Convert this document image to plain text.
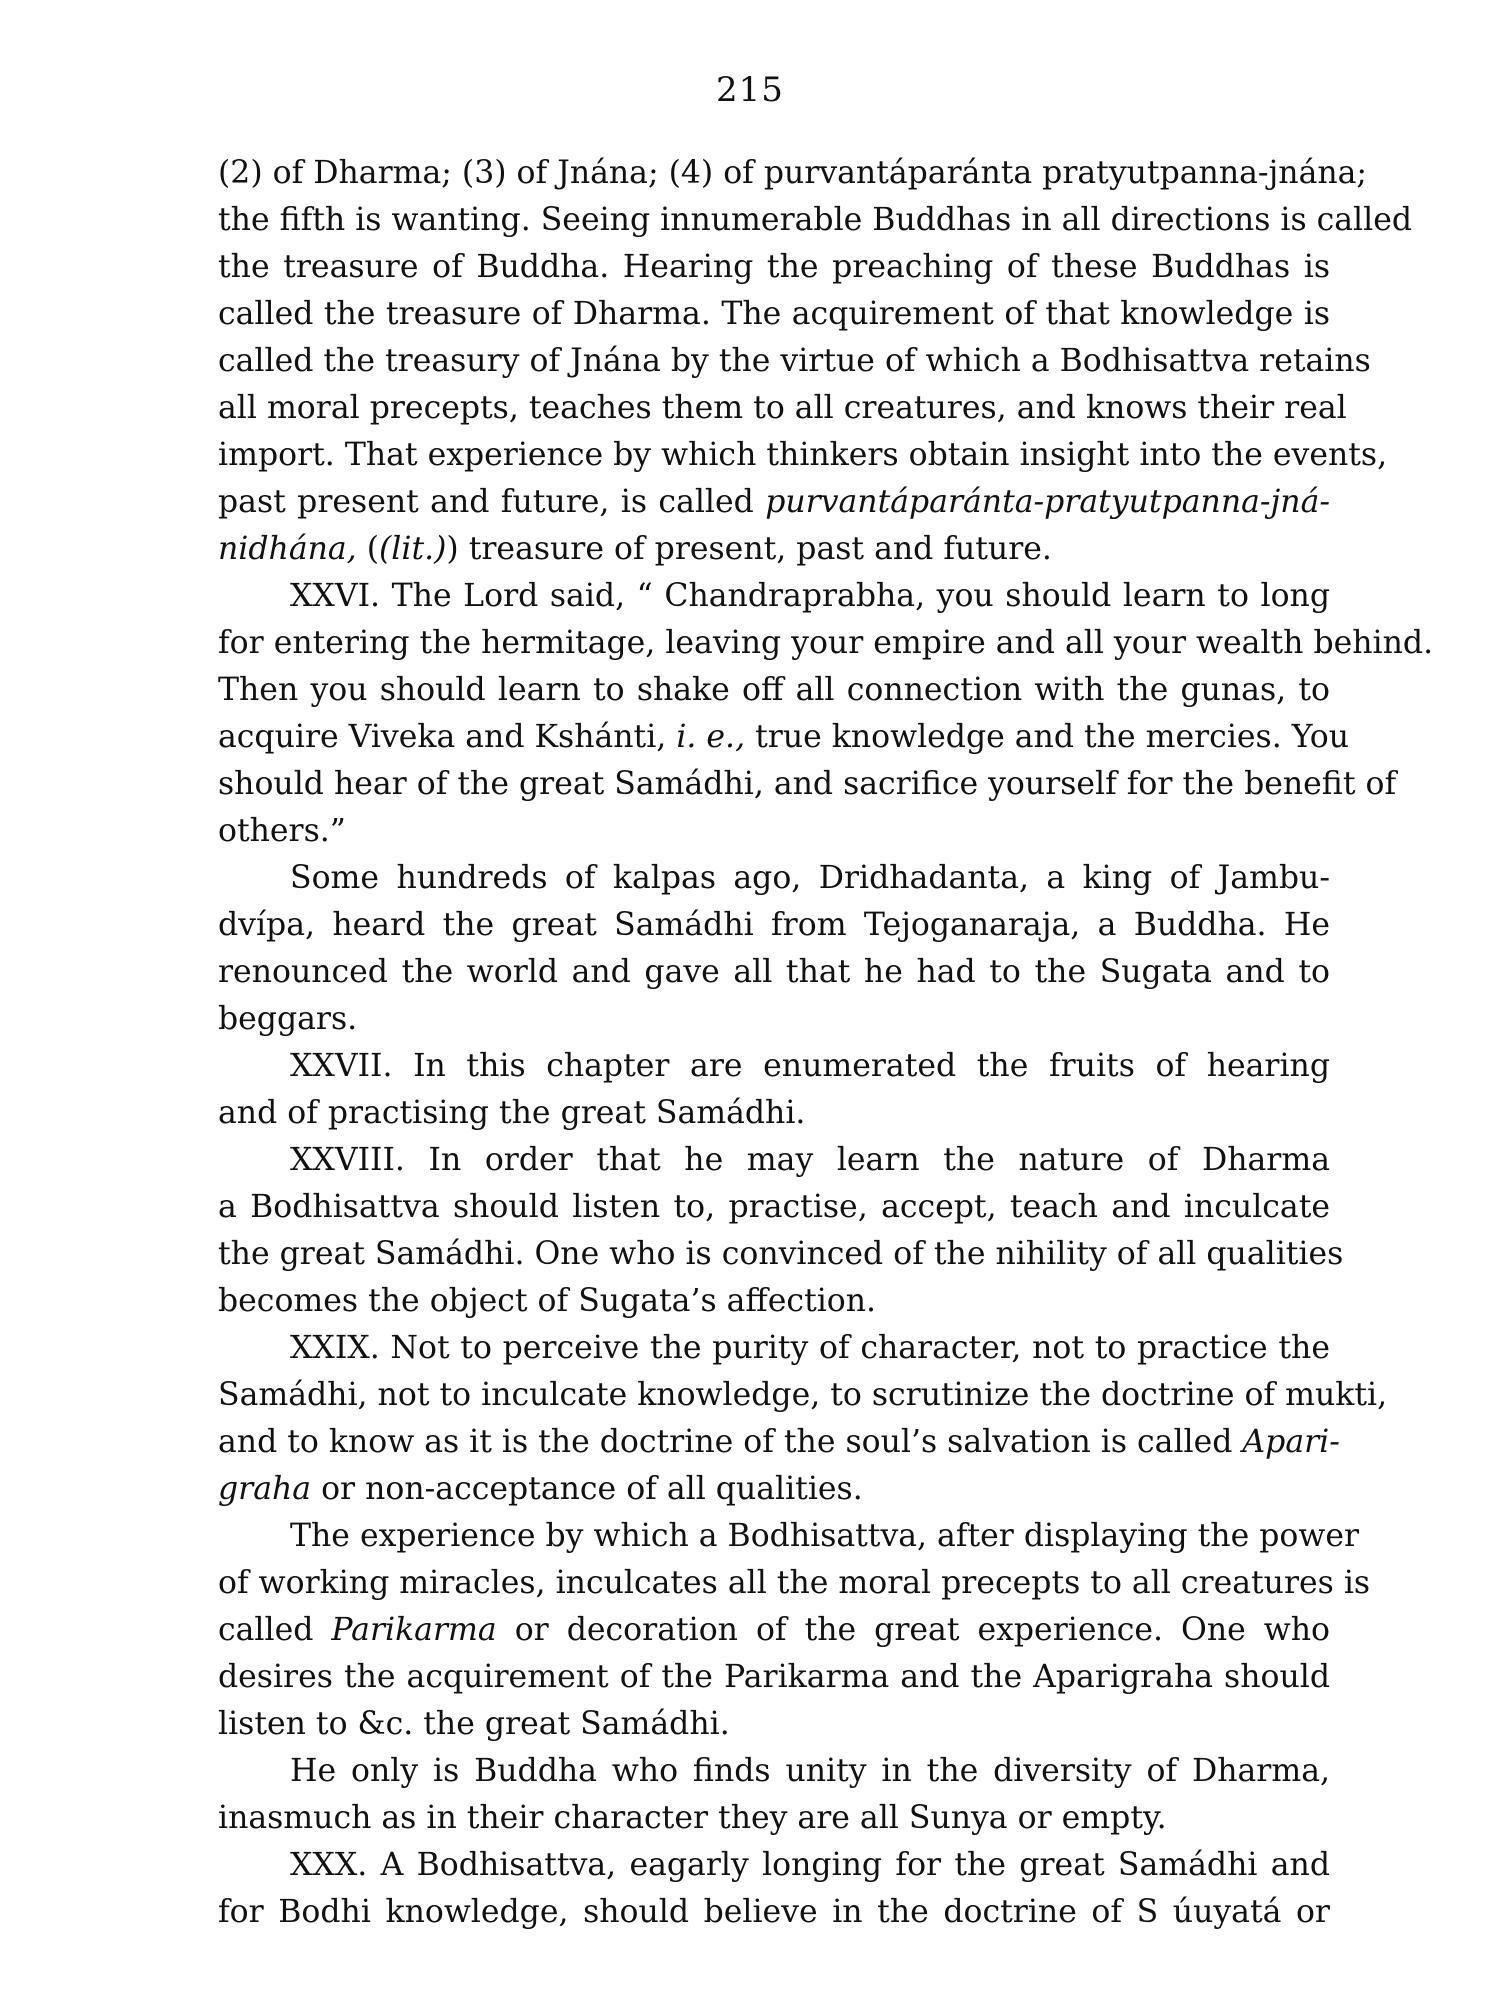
215

(2) of Dharma; (3) of Jnána; (4) of purvantáparánta pratyutpanna-jnána;
the fifth is wanting. Seeing innumerable Buddhas in all directions is called
the treasure of Buddha. Hearing the preaching of these Buddhas is
called the treasure of Dharma. The acquirement of that knowledge is
called the treasury of Jnána by the virtue of which a Bodhisattva retains
all moral precepts, teaches them to all creatures, and knows their real
import. That experience by which thinkers obtain insight into the events,
past present and future, is called purvantáparánta-pratyutpanna-jná-
nidhána, ((lit.)) treasure of present, past and future.
XXVI. The Lord said, “ Chandraprabha, you should learn to long
for entering the hermitage, leaving your empire and all your wealth behind.
Then you should learn to shake off all connection with the gunas, to
acquire Viveka and Kshánti, i. e., true knowledge and the mercies. You
should hear of the great Samádhi, and sacrifice yourself for the benefit of
others.”
Some hundreds of kalpas ago, Dridhadanta, a king of Jambu-
dvípa, heard the great Samádhi from Tejoganaraja, a Buddha. He
renounced the world and gave all that he had to the Sugata and to
beggars.
XXVII. In this chapter are enumerated the fruits of hearing
and of practising the great Samádhi.
XXVIII. In order that he may learn the nature of Dharma
a Bodhisattva should listen to, practise, accept, teach and inculcate
the great Samádhi. One who is convinced of the nihility of all qualities
becomes the object of Sugata’s affection.
XXIX. Not to perceive the purity of character, not to practice the
Samádhi, not to inculcate knowledge, to scrutinize the doctrine of mukti,
and to know as it is the doctrine of the soul’s salvation is called Apari-
graha or non-acceptance of all qualities.
The experience by which a Bodhisattva, after displaying the power
of working miracles, inculcates all the moral precepts to all creatures is
called Parikarma or decoration of the great experience. One who
desires the acquirement of the Parikarma and the Aparigraha should
listen to &c. the great Samádhi.
He only is Buddha who finds unity in the diversity of Dharma,
inasmuch as in their character they are all Sunya or empty.
XXX. A Bodhisattva, eagarly longing for the great Samádhi and
for Bodhi knowledge, should believe in the doctrine of S úuyatá or
